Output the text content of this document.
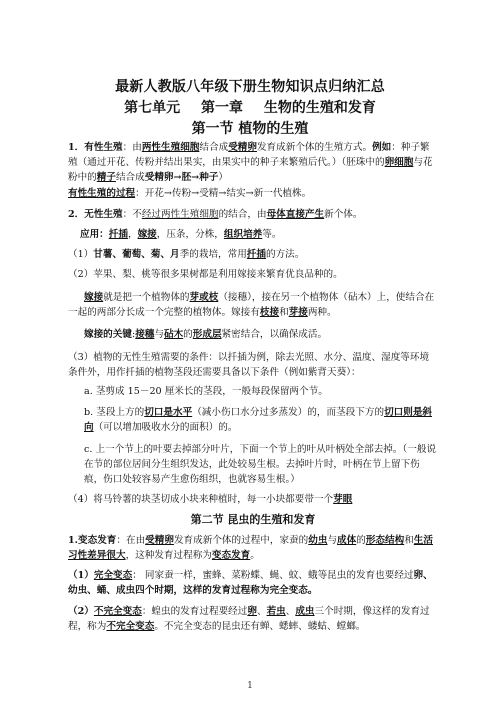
最新人教版八年级下册生物知识点归纳汇总
第七单元 第一章 生物的生殖和发育
第一节 植物的生殖
1．有性生殖：由两性生殖细胞结合成受精卵发育成新个体的生殖方式。例如：种子繁殖（通过开花、传粉并结出果实，由果实中的种子来繁殖后代。）（胚珠中的卵细胞与花粉中的精子结合成受精卵→胚→种子）
有性生殖的过程：开花→传粉→受精→结实→新一代植株。
2．无性生殖：不经过两性生殖细胞的结合，由母体直接产生新个体。
应用：扦插，嫁接，压条，分株，组织培养等。
（1）甘薯、葡萄、菊、月季的栽培，常用扦插的方法。
（2）苹果、梨、桃等很多果树都是利用嫁接来繁育优良品种的。
嫁接就是把一个植物体的芽或枝（接穗），接在另一个植物体（砧木）上，使结合在一起的两部分长成一个完整的植物体。嫁接有枝接和芽接两种。
嫁接的关键:接穗与砧木的形成层紧密结合，以确保成活。
（3）植物的无性生殖需要的条件：以扦插为例，除去光照、水分、温度、湿度等环境条件外，用作扦插的植物茎段还需要具备以下条件（例如紫背天葵）：
a. 茎剪成 15－20 厘米长的茎段，一般每段保留两个节。
b. 茎段上方的切口是水平（减小伤口水分过多蒸发）的，而茎段下方的切口则是斜向（可以增加吸收水分的面积）的。
c. 上一个节上的叶要去掉部分叶片，下面一个节上的叶从叶柄处全部去掉。（一般说在节的部位居间分生组织发达，此处较易生根。去掉叶片时，叶柄在节上留下伤痕，伤口处较容易产生愈伤组织，也就容易生根。）
（4）将马铃薯的块茎切成小块来种植时，每一小块都要带一个芽眼
第二节 昆虫的生殖和发育
1.变态发育：在由受精卵发育成新个体的过程中，家蚕的幼虫与成体的形态结构和生活习性差异很大，这种发育过程称为变态发育。
（1）完全变态： 同家蚕一样，蜜蜂、菜粉蝶、蝇、蚊、蛾等昆虫的发育也要经过卵、幼虫、蛹、成虫四个时期，这样的发育过程称为完全变态。
（2）不完全变态：蝗虫的发育过程要经过卵、若虫、成虫三个时期，像这样的发育过程，称为不完全变态。不完全变态的昆虫还有蝉、蟋蟀、蝼蛄、螳螂。
1
